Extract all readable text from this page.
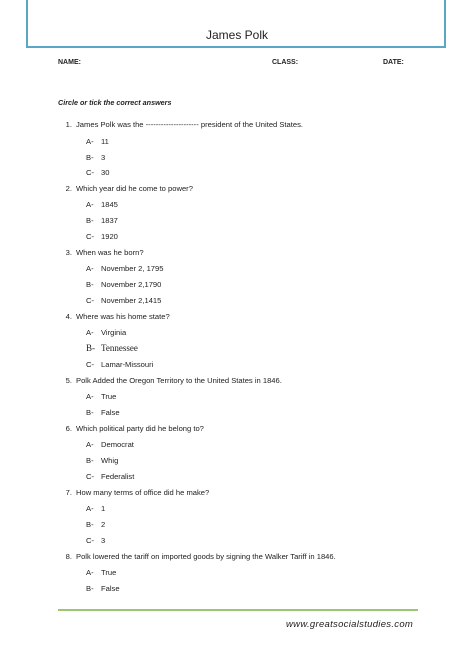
James Polk
NAME:	CLASS:	DATE:
Circle or tick the correct answers
1. James Polk was the --------------------- president of the United States.
A- 11
B- 3
C- 30
2. Which year did he come to power?
A- 1845
B- 1837
C- 1920
3. When was he born?
A- November 2, 1795
B- November 2,1790
C- November 2,1415
4. Where was his home state?
A- Virginia
B- Tennessee
C- Lamar-Missouri
5. Polk Added the Oregon Territory to the United States in 1846.
A- True
B- False
6. Which political party did he belong to?
A- Democrat
B- Whig
C- Federalist
7. How many terms of office did he make?
A- 1
B- 2
C- 3
8. Polk lowered the tariff on imported goods by signing the Walker Tariff in 1846.
A- True
B- False
www.greatsocialstudies.com
